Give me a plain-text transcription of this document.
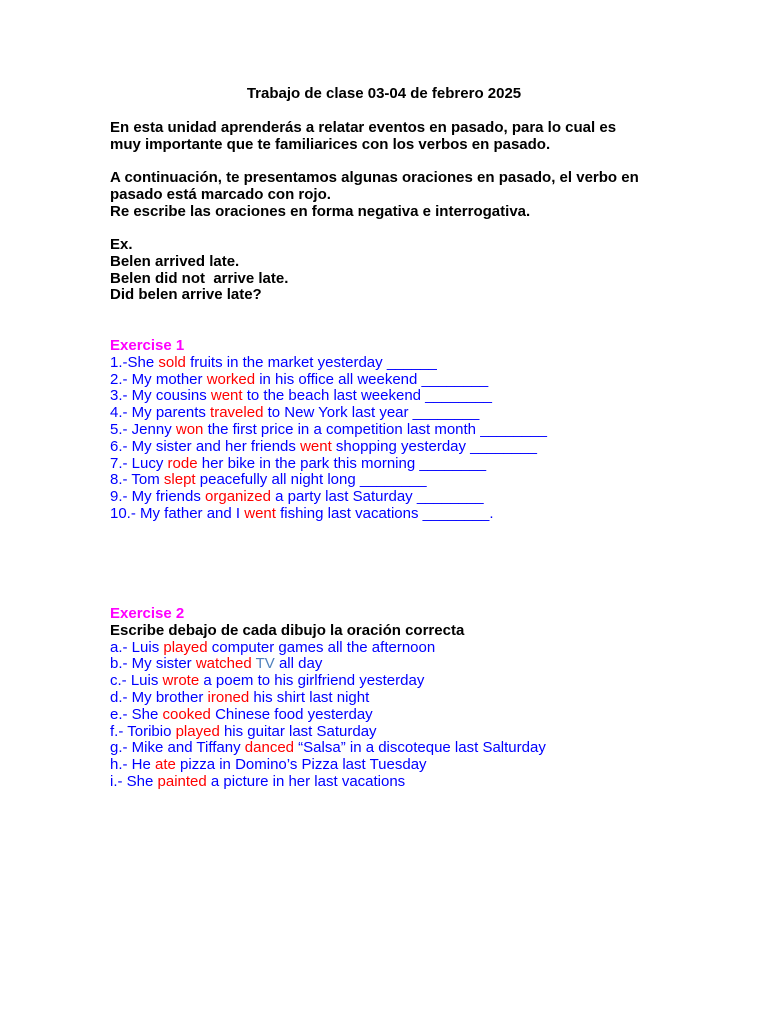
Trabajo de clase 03-04 de febrero 2025
En esta unidad aprenderás a relatar eventos en pasado, para lo cual es
muy importante que te familiarices con los verbos en pasado.
A continuación, te presentamos algunas oraciones en pasado, el verbo en
pasado está marcado con rojo.
Re escribe las oraciones en forma negativa e interrogativa.
Ex.
Belen arrived late.
Belen did not  arrive late.
Did belen arrive late?
Exercise 1
1.-She sold fruits in the market yesterday ______
2.- My mother worked in his office all weekend ________
3.- My cousins went to the beach last weekend ________
4.- My parents traveled to New York last year ________
5.- Jenny won the first price in a competition last month ________
6.- My sister and her friends went shopping yesterday ________
7.- Lucy rode her bike in the park this morning ________
8.- Tom slept peacefully all night long ________
9.- My friends organized a party last Saturday ________
10.- My father and I went fishing last vacations ________.
Exercise 2
Escribe debajo de cada dibujo la oración correcta
a.- Luis played computer games all the afternoon
b.- My sister watched TV all day
c.- Luis wrote a poem to his girlfriend yesterday
d.- My brother ironed his shirt last night
e.- She cooked Chinese food yesterday
f.- Toribio played his guitar last Saturday
g.- Mike and Tiffany danced “Salsa” in a discoteque last Salturday
h.- He ate pizza in Domino’s Pizza last Tuesday
i.- She painted a picture in her last vacations
